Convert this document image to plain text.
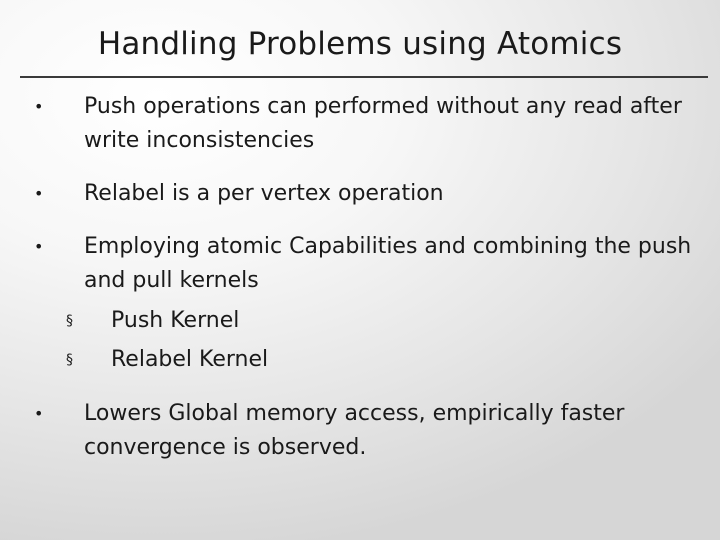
Handling Problems using Atomics
• Push operations can performed without any read after write inconsistencies
• Relabel is a per vertex operation
• Employing atomic Capabilities and combining the push and pull kernels
§ Push Kernel
§ Relabel Kernel
• Lowers Global memory access, empirically faster convergence is observed.
